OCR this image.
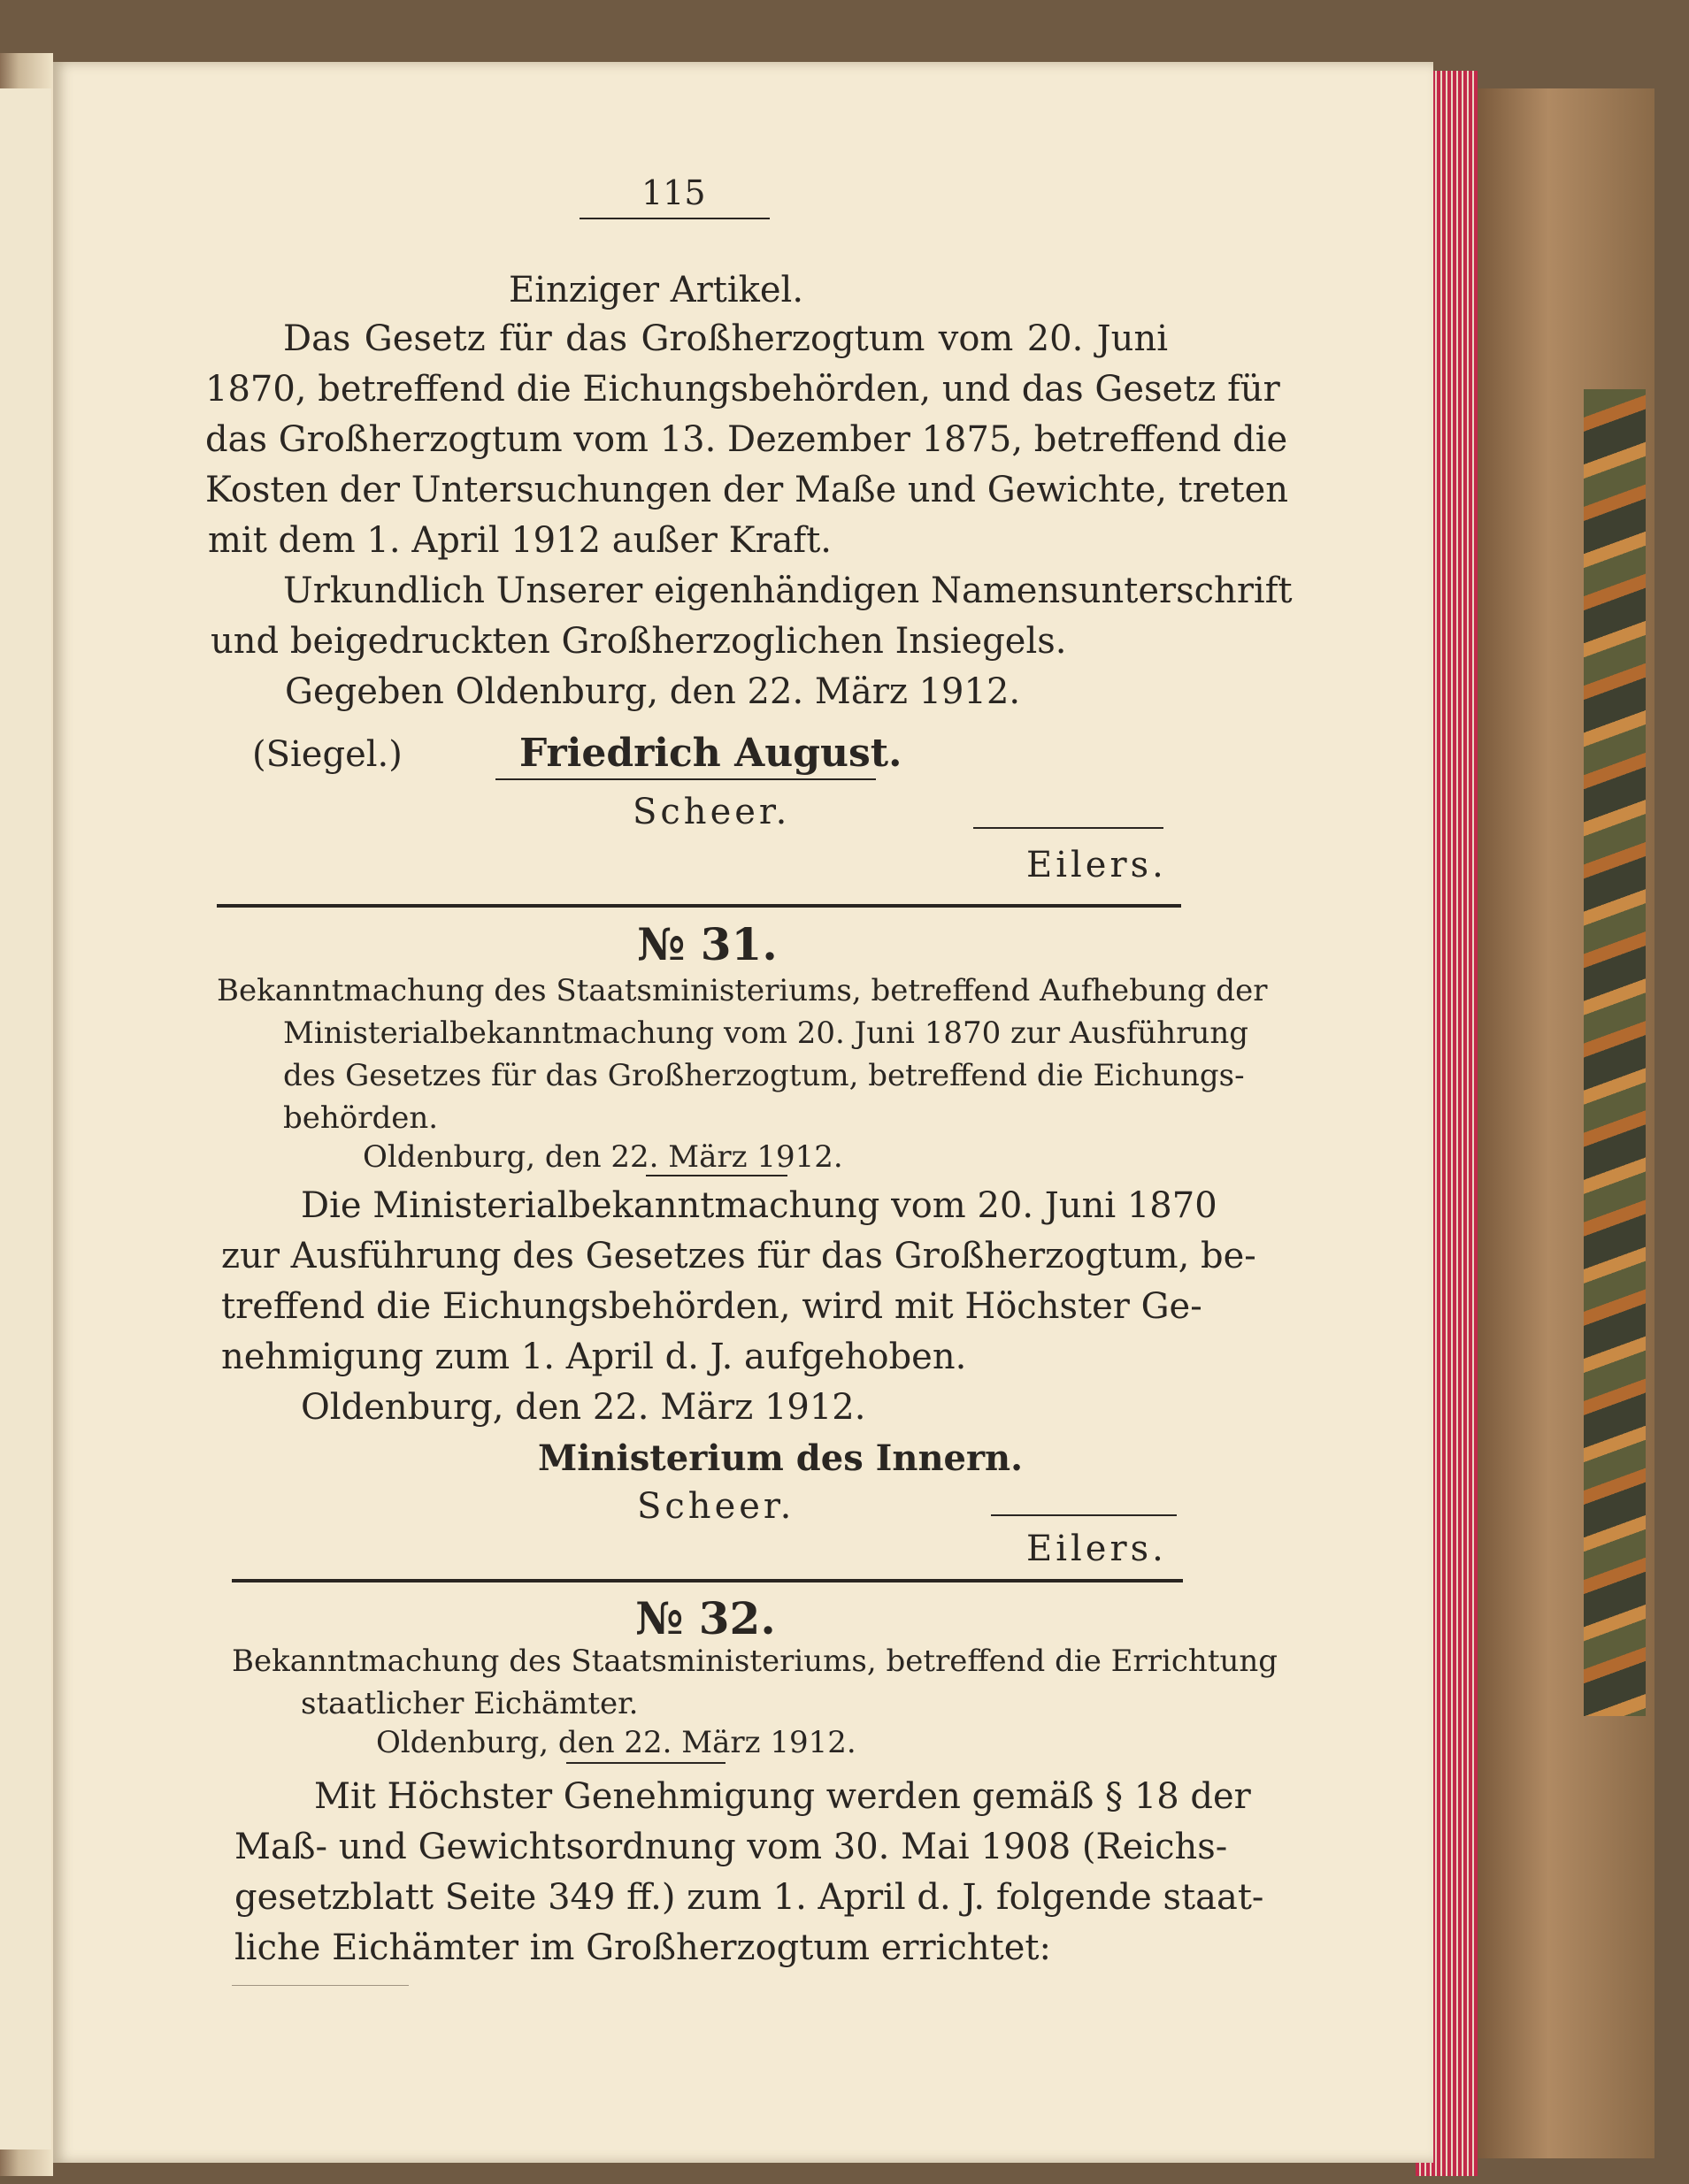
115
Einziger Artikel.
Das Gesetz für das Großherzogtum vom 20. Juni
1870, betreffend die Eichungsbehörden, und das Gesetz für
das Großherzogtum vom 13. Dezember 1875, betreffend die
Kosten der Untersuchungen der Maße und Gewichte, treten
mit dem 1. April 1912 außer Kraft.
Urkundlich Unserer eigenhändigen Namensunterschrift
und beigedruckten Großherzoglichen Insiegels.
Gegeben Oldenburg, den 22. März 1912.
(Siegel.)	Friedrich August.
Scheer.
Eilers.
№ 31.
Bekanntmachung des Staatsministeriums, betreffend Aufhebung der
Ministerialbekanntmachung vom 20. Juni 1870 zur Ausführung
des Gesetzes für das Großherzogtum, betreffend die Eichungs-
behörden.
Oldenburg, den 22. März 1912.
Die Ministerialbekanntmachung vom 20. Juni 1870
zur Ausführung des Gesetzes für das Großherzogtum, be-
treffend die Eichungsbehörden, wird mit Höchster Ge-
nehmigung zum 1. April d. J. aufgehoben.
Oldenburg, den 22. März 1912.
Ministerium des Innern.
Scheer.
Eilers.
№ 32.
Bekanntmachung des Staatsministeriums, betreffend die Errichtung
staatlicher Eichämter.
Oldenburg, den 22. März 1912.
Mit Höchster Genehmigung werden gemäß § 18 der
Maß- und Gewichtsordnung vom 30. Mai 1908 (Reichs-
gesetzblatt Seite 349 ff.) zum 1. April d. J. folgende staat-
liche Eichämter im Großherzogtum errichtet:
